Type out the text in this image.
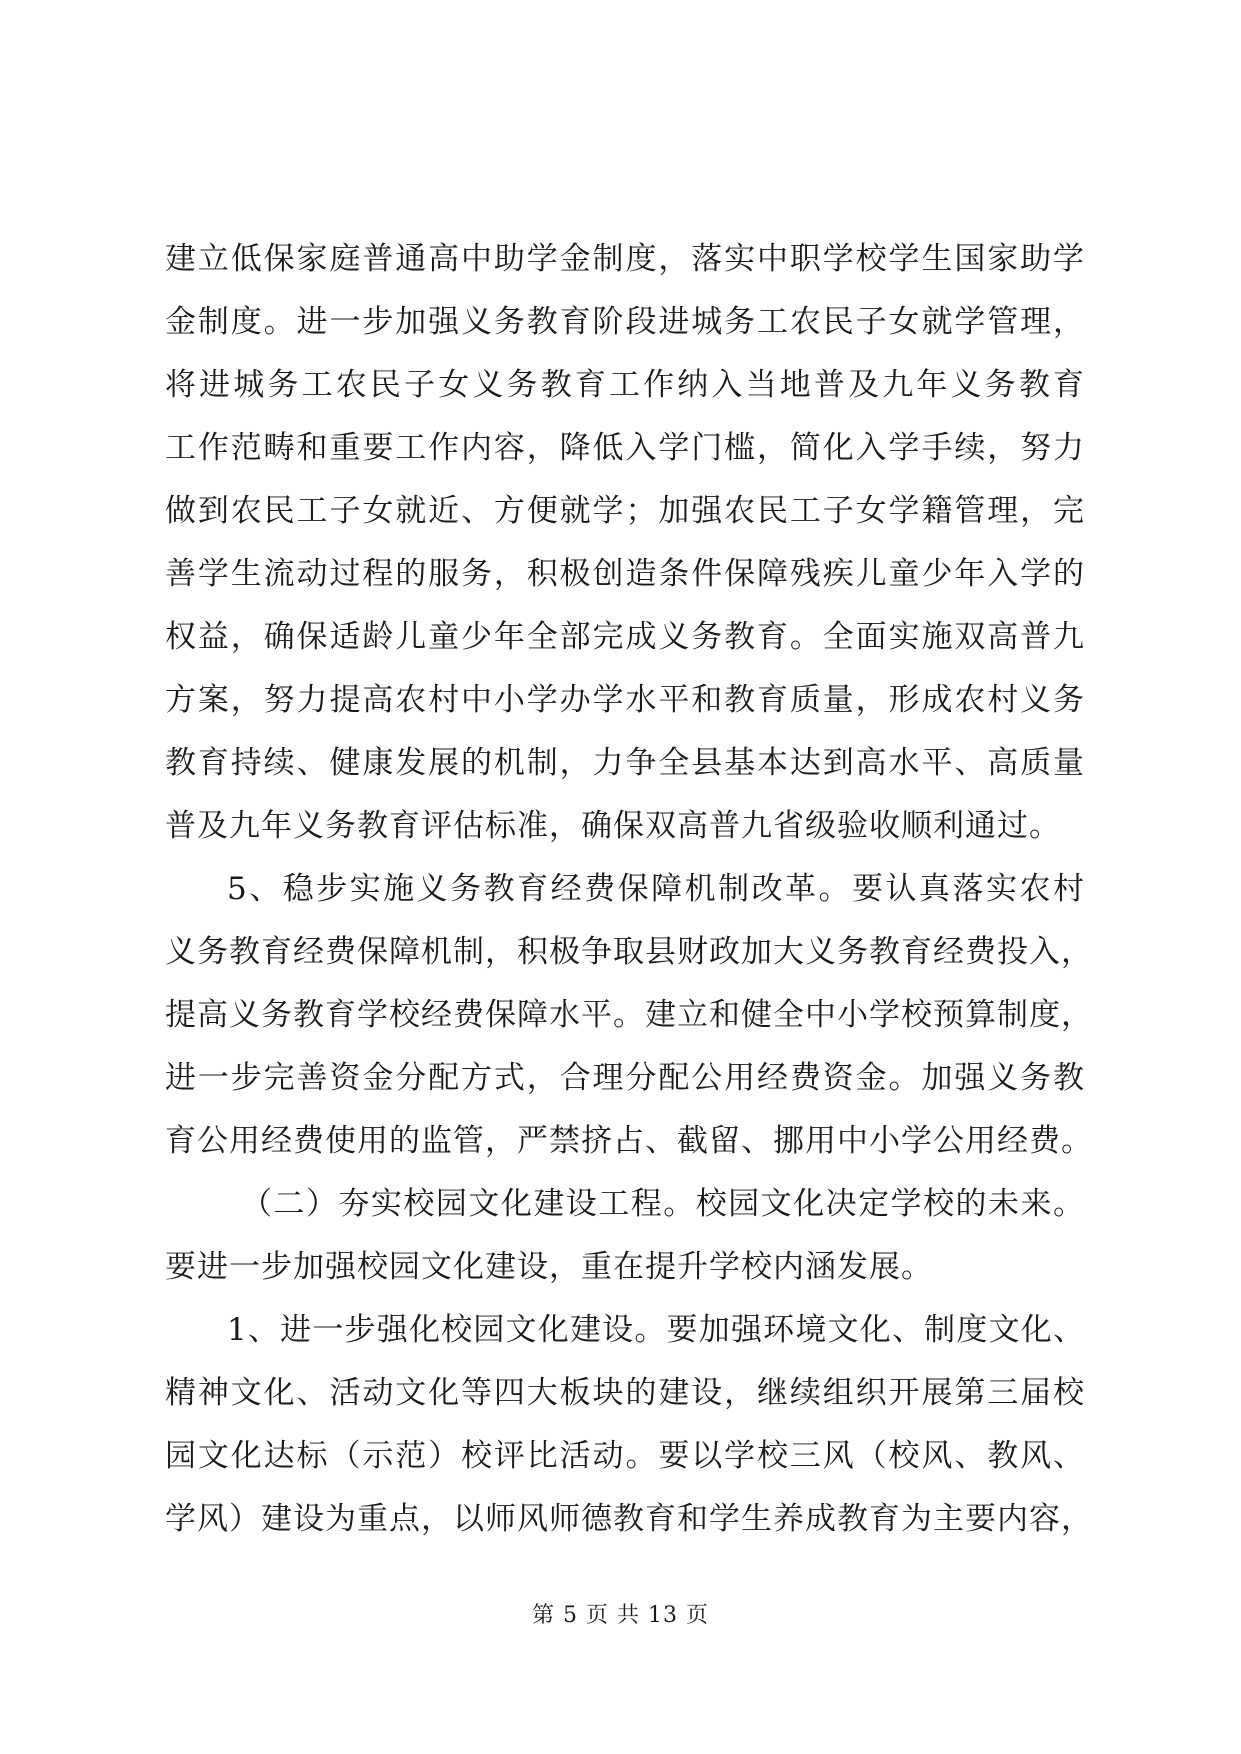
建立低保家庭普通高中助学金制度，落实中职学校学生国家助学
金制度。进一步加强义务教育阶段进城务工农民子女就学管理，
将进城务工农民子女义务教育工作纳入当地普及九年义务教育
工作范畴和重要工作内容，降低入学门槛，简化入学手续，努力
做到农民工子女就近、方便就学；加强农民工子女学籍管理，完
善学生流动过程的服务，积极创造条件保障残疾儿童少年入学的
权益，确保适龄儿童少年全部完成义务教育。全面实施双高普九
方案，努力提高农村中小学办学水平和教育质量，形成农村义务
教育持续、健康发展的机制，力争全县基本达到高水平、高质量
普及九年义务教育评估标准，确保双高普九省级验收顺利通过。
5、稳步实施义务教育经费保障机制改革。要认真落实农村
义务教育经费保障机制，积极争取县财政加大义务教育经费投入，
提高义务教育学校经费保障水平。建立和健全中小学校预算制度，
进一步完善资金分配方式，合理分配公用经费资金。加强义务教
育公用经费使用的监管，严禁挤占、截留、挪用中小学公用经费。
（二）夯实校园文化建设工程。校园文化决定学校的未来。
要进一步加强校园文化建设，重在提升学校内涵发展。
1、进一步强化校园文化建设。要加强环境文化、制度文化、
精神文化、活动文化等四大板块的建设，继续组织开展第三届校
园文化达标（示范）校评比活动。要以学校三风（校风、教风、
学风）建设为重点，以师风师德教育和学生养成教育为主要内容，
第 5 页 共 13 页
